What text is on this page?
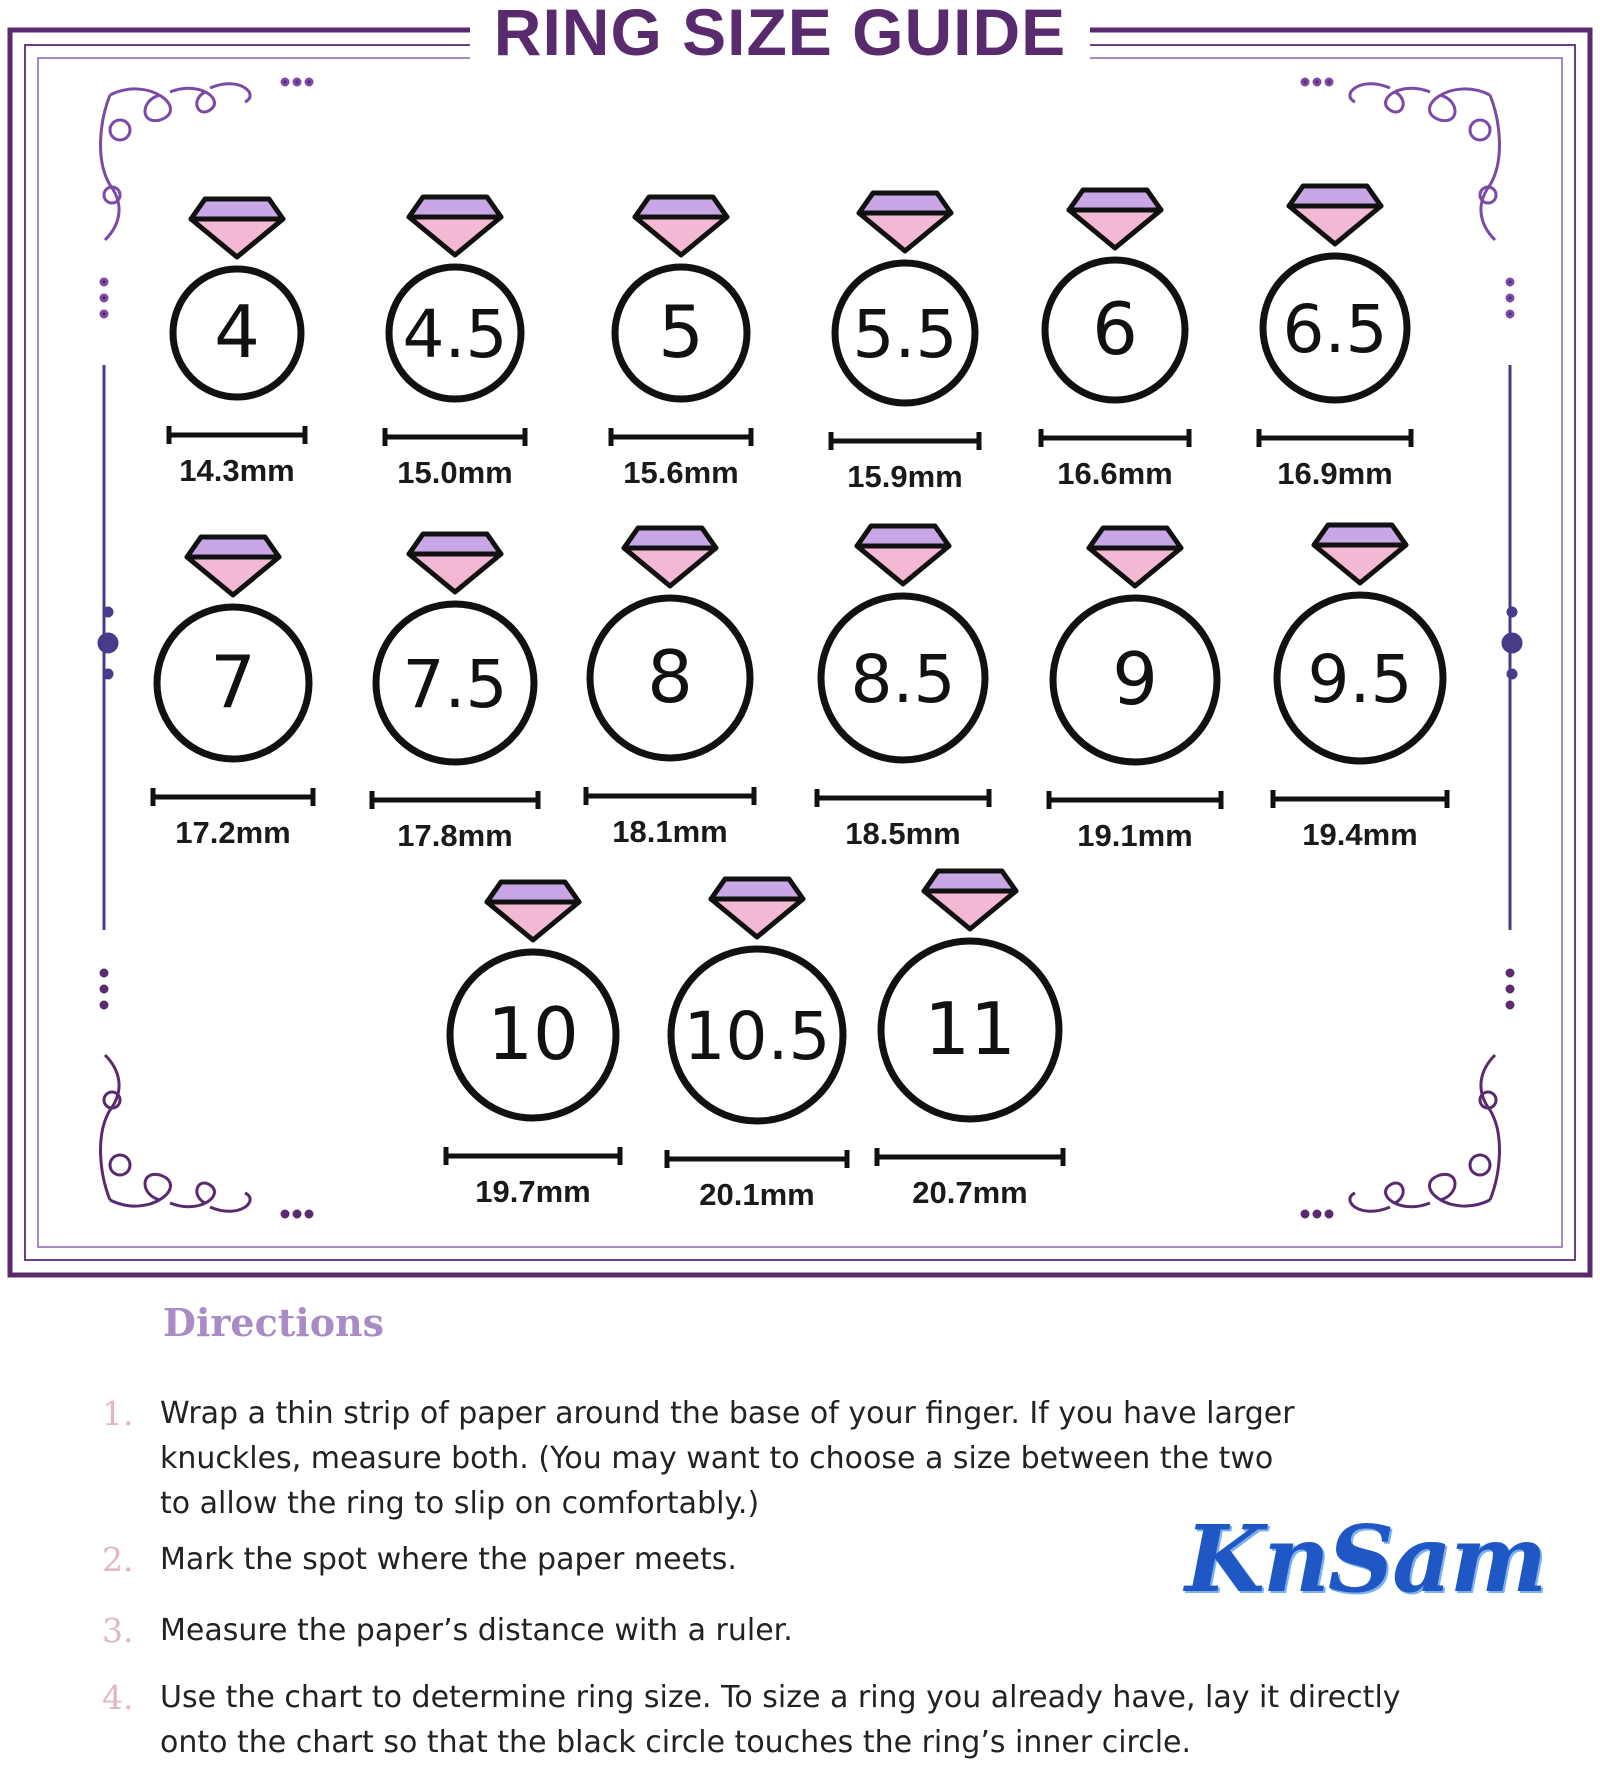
4
14.3mm
4.5
15.0mm
5
15.6mm
5.5
15.9mm
6
16.6mm
6.5
16.9mm
7
17.2mm
7.5
17.8mm
8
18.1mm
8.5
18.5mm
9
19.1mm
9.5
19.4mm
10
19.7mm
10.5
20.1mm
11
20.7mm
RING SIZE GUIDE
Directions
1. Wrap a thin strip of paper around the base of your finger. If you have larger
knuckles, measure both. (You may want to choose a size between the two
to allow the ring to slip on comfortably.)
2. Mark the spot where the paper meets.
3. Measure the paper’s distance with a ruler.
4. Use the chart to determine ring size. To size a ring you already have, lay it directly
onto the chart so that the black circle touches the ring’s inner circle.
KnSam
